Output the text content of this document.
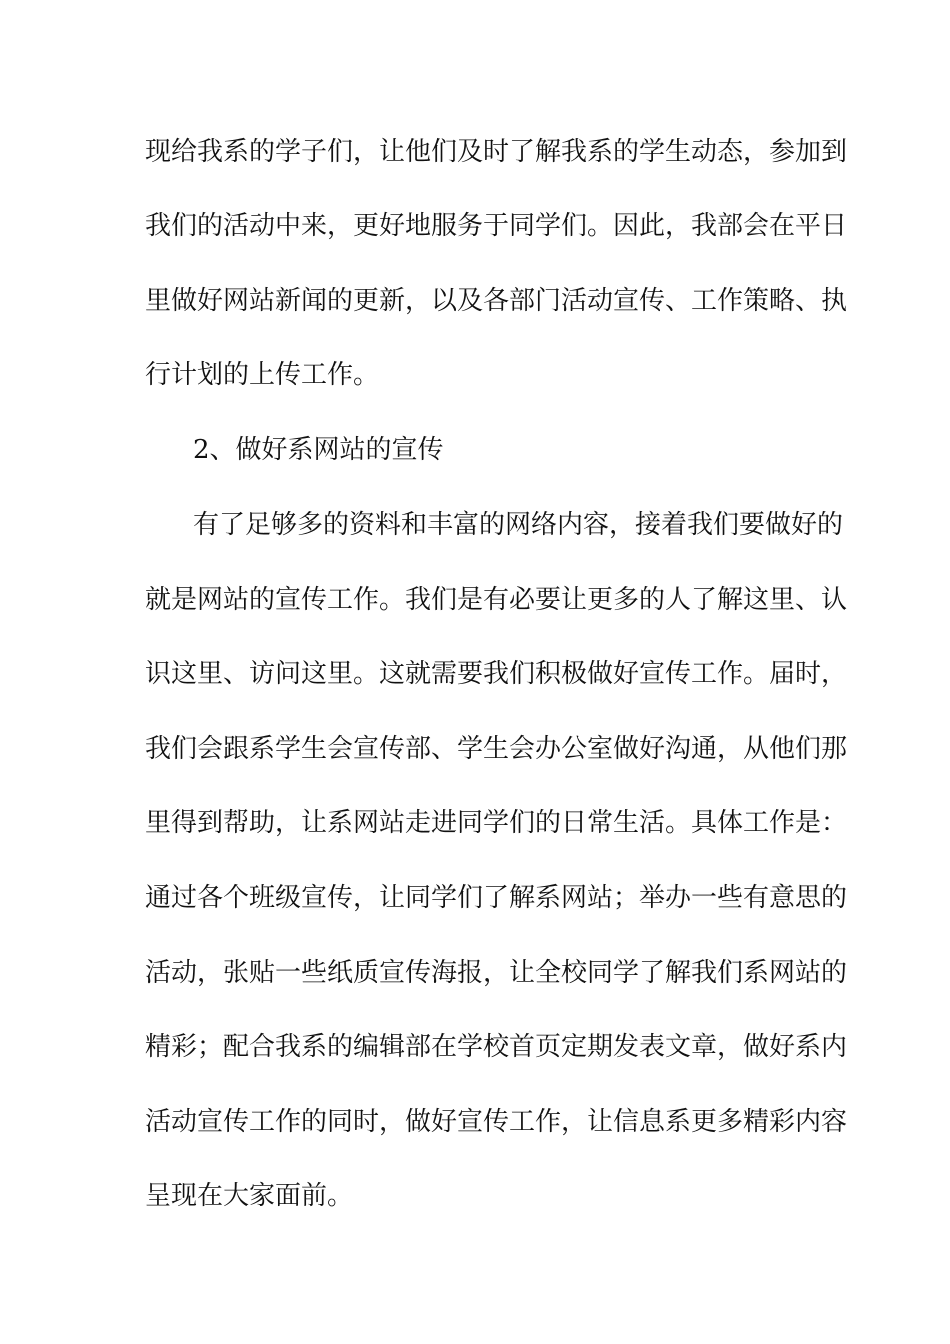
现给我系的学子们，让他们及时了解我系的学生动态，参加到
我们的活动中来，更好地服务于同学们。因此，我部会在平日
里做好网站新闻的更新，以及各部门活动宣传、工作策略、执
行计划的上传工作。
2、做好系网站的宣传
有了足够多的资料和丰富的网络内容，接着我们要做好的
就是网站的宣传工作。我们是有必要让更多的人了解这里、认
识这里、访问这里。这就需要我们积极做好宣传工作。届时，
我们会跟系学生会宣传部、学生会办公室做好沟通，从他们那
里得到帮助，让系网站走进同学们的日常生活。具体工作是：
通过各个班级宣传，让同学们了解系网站；举办一些有意思的
活动，张贴一些纸质宣传海报，让全校同学了解我们系网站的
精彩；配合我系的编辑部在学校首页定期发表文章，做好系内
活动宣传工作的同时，做好宣传工作，让信息系更多精彩内容
呈现在大家面前。
